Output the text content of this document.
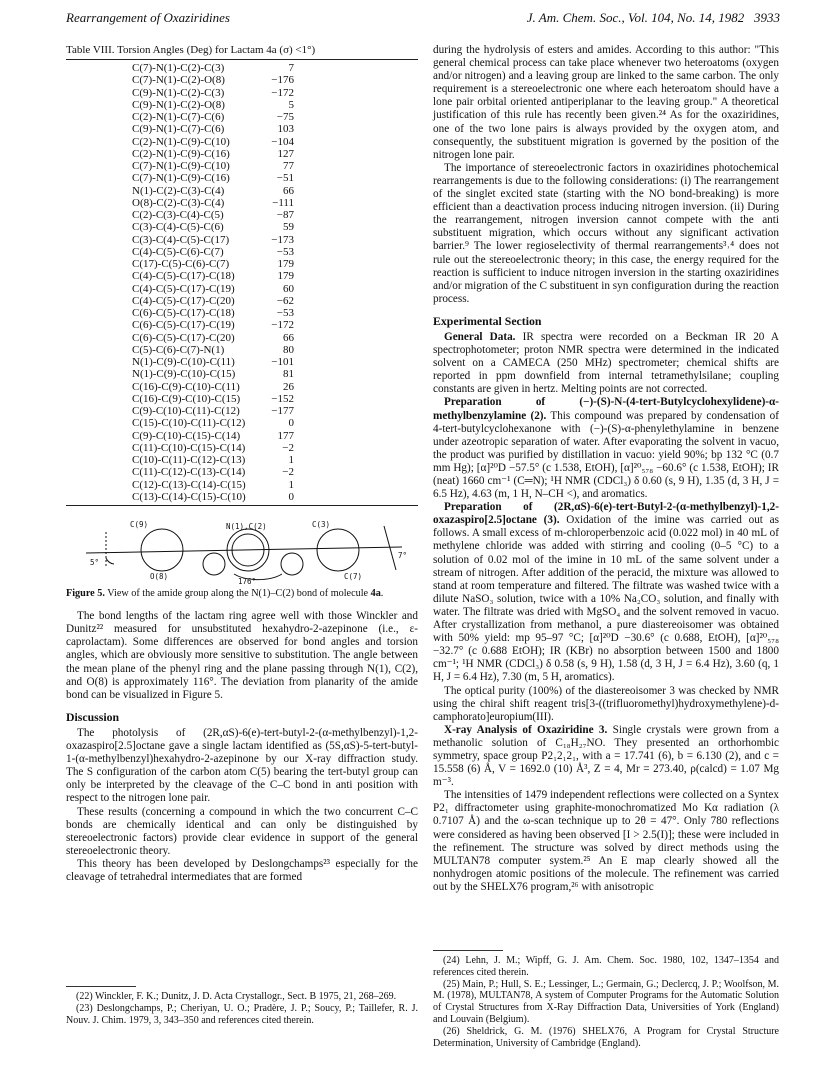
Rearrangement of Oxaziridines	J. Am. Chem. Soc., Vol. 104, No. 14, 1982 3933
Table VIII. Torsion Angles (Deg) for Lactam 4a (σ) <1°)
C(7)-N(1)-C(2)-C(3)	7
C(7)-N(1)-C(2)-O(8)	−176
C(9)-N(1)-C(2)-C(3)	−172
C(9)-N(1)-C(2)-O(8)	5
C(2)-N(1)-C(7)-C(6)	−75
C(9)-N(1)-C(7)-C(6)	103
C(2)-N(1)-C(9)-C(10)	−104
C(2)-N(1)-C(9)-C(16)	127
C(7)-N(1)-C(9)-C(10)	77
C(7)-N(1)-C(9)-C(16)	−51
N(1)-C(2)-C(3)-C(4)	66
O(8)-C(2)-C(3)-C(4)	−111
C(2)-C(3)-C(4)-C(5)	−87
C(3)-C(4)-C(5)-C(6)	59
C(3)-C(4)-C(5)-C(17)	−173
C(4)-C(5)-C(6)-C(7)	−53
C(17)-C(5)-C(6)-C(7)	179
C(4)-C(5)-C(17)-C(18)	179
C(4)-C(5)-C(17)-C(19)	60
C(4)-C(5)-C(17)-C(20)	−62
C(6)-C(5)-C(17)-C(18)	−53
C(6)-C(5)-C(17)-C(19)	−172
C(6)-C(5)-C(17)-C(20)	66
C(5)-C(6)-C(7)-N(1)	80
N(1)-C(9)-C(10)-C(11)	−101
N(1)-C(9)-C(10)-C(15)	81
C(16)-C(9)-C(10)-C(11)	26
C(16)-C(9)-C(10)-C(15)	−152
C(9)-C(10)-C(11)-C(12)	−177
C(15)-C(10)-C(11)-C(12)	0
C(9)-C(10)-C(15)-C(14)	177
C(11)-C(10)-C(15)-C(14)	−2
C(10)-C(11)-C(12)-C(13)	1
C(11)-C(12)-C(13)-C(14)	−2
C(12)-C(13)-C(14)-C(15)	1
C(13)-C(14)-C(15)-C(10)	0
C(9)	N(1),C(2)	C(3)
5°
7°
O(8)
176°
C(7)
Figure 5. View of the amide group along the N(1)–C(2) bond of molecule 4a.

The bond lengths of the lactam ring agree well with those Winckler and Dunitz²² measured for unsubstituted hexahydro-2-azepinone (i.e., ε-caprolactam). Some differences are observed for bond angles and torsion angles, which are obviously more sensitive to substitution. The angle between the mean plane of the phenyl ring and the plane passing through N(1), C(2), and O(8) is approximately 116°. The deviation from planarity of the amide bond can be visualized in Figure 5.

Discussion

The photolysis of (2R,αS)-6(e)-tert-butyl-2-(α-methylbenzyl)-1,2-oxazaspiro[2.5]octane gave a single lactam identified as (5S,αS)-5-tert-butyl-1-(α-methylbenzyl)hexahydro-2-azepinone by our X-ray diffraction study. The S configuration of the carbon atom C(5) bearing the tert-butyl group can only be interpreted by the cleavage of the C–C bond in anti position with respect to the nitrogen lone pair.

These results (concerning a compound in which the two concurrent C–C bonds are chemically identical and can only be distinguished by stereoelectronic factors) provide clear evidence in support of the general stereoelectronic theory.

This theory has been developed by Deslongchamps²³ especially for the cleavage of tetrahedral intermediates that are formed

during the hydrolysis of esters and amides. According to this author: "This general chemical process can take place whenever two heteroatoms (oxygen and/or nitrogen) and a leaving group are linked to the same carbon. The only requirement is a stereoelectronic one where each heteroatom should have a lone pair orbital oriented antiperiplanar to the leaving group." A theoretical justification of this rule has recently been given.²⁴ As for the oxaziridines, one of the two lone pairs is always provided by the oxygen atom, and consequently, the substituent migration is governed by the position of the nitrogen lone pair.

The importance of stereoelectronic factors in oxaziridines photochemical rearrangements is due to the following considerations: (i) The rearrangement of the singlet excited state (starting with the NO bond-breaking) is more efficient than a deactivation process inducing nitrogen inversion. (ii) During the rearrangement, nitrogen inversion cannot compete with the anti substituent migration, which occurs without any significant activation barrier.⁹ The lower regioselectivity of thermal rearrangements³˒⁴ does not rule out the stereoelectronic theory; in this case, the energy required for the reaction is sufficient to induce nitrogen inversion in the starting oxaziridines and/or migration of the C substituent in syn configuration during the reaction process.

Experimental Section

General Data. IR spectra were recorded on a Beckman IR 20 A spectrophotometer; proton NMR spectra were determined in the indicated solvent on a CAMECA (250 MHz) spectrometer; chemical shifts are reported in ppm downfield from internal tetramethylsilane; coupling constants are given in hertz. Melting points are not corrected.

Preparation of (−)-(S)-N-(4-tert-Butylcyclohexylidene)-α-methylbenzylamine (2). This compound was prepared by condensation of 4-tert-butylcyclohexanone with (−)-(S)-α-phenylethylamine in benzene under azeotropic separation of water. After evaporating the solvent in vacuo, the product was purified by distillation in vacuo: yield 90%; bp 132 °C (0.7 mm Hg); [α]²⁰D −57.5° (c 1.538, EtOH), [α]²⁰₅₇₈ −60.6° (c 1.538, EtOH); IR (neat) 1660 cm⁻¹ (C═N); ¹H NMR (CDCl₃) δ 0.60 (s, 9 H), 1.35 (d, 3 H, J = 6.5 Hz), 4.63 (m, 1 H, N–CH <), and aromatics.

Preparation of (2R,αS)-6(e)-tert-Butyl-2-(α-methylbenzyl)-1,2-oxazaspiro[2.5]octane (3). Oxidation of the imine was carried out as follows. A small excess of m-chloroperbenzoic acid (0.022 mol) in 40 mL of methylene chloride was added with stirring and cooling (0–5 °C) to a solution of 0.02 mol of the imine in 10 mL of the same solvent under a stream of nitrogen. After addition of the peracid, the mixture was allowed to stand at room temperature and filtered. The filtrate was washed twice with a dilute NaSO₃ solution, twice with a 10% Na₂CO₃ solution, and finally with water. The filtrate was dried with MgSO₄ and the solvent removed in vacuo. After crystallization from methanol, a pure diastereoisomer was obtained with 50% yield: mp 95–97 °C; [α]²⁰D −30.6° (c 0.688, EtOH), [α]²⁰₅₇₈ −32.7° (c 0.688 EtOH); IR (KBr) no absorption between 1500 and 1800 cm⁻¹; ¹H NMR (CDCl₃) δ 0.58 (s, 9 H), 1.58 (d, 3 H, J = 6.4 Hz), 3.60 (q, 1 H, J = 6.4 Hz), 7.30 (m, 5 H, aromatics).

The optical purity (100%) of the diastereoisomer 3 was checked by NMR using the chiral shift reagent tris[3-((trifluoromethyl)hydroxymethylene)-d-camphorato]europium(III).

X-ray Analysis of Oxaziridine 3. Single crystals were grown from a methanolic solution of C₁₈H₂₇NO. They presented an orthorhombic symmetry, space group P2₁2₁2₁, with a = 17.741 (6), b = 6.130 (2), and c = 15.558 (6) Å, V = 1692.0 (10) Å³, Z = 4, Mr = 273.40, ρ(calcd) = 1.07 Mg m⁻³.

The intensities of 1479 independent reflections were collected on a Syntex P2₁ diffractometer using graphite-monochromatized Mo Kα radiation (λ 0.7107 Å) and the ω-scan technique up to 2θ = 47°. Only 780 reflections were considered as having been observed [I > 2.5(I)]; these were included in the refinement. The structure was solved by direct methods using the MULTAN78 computer system.²⁵ An E map clearly showed all the nonhydrogen atomic positions of the molecule. The refinement was carried out by the SHELX76 program,²⁶ with anisotropic

(22) Winckler, F. K.; Dunitz, J. D. Acta Crystallogr., Sect. B 1975, 21, 268–269.

(23) Deslongchamps, P.; Cheriyan, U. O.; Pradère, J. P.; Soucy, P.; Taillefer, R. J. Nouv. J. Chim. 1979, 3, 343–350 and references cited therein.

(24) Lehn, J. M.; Wipff, G. J. Am. Chem. Soc. 1980, 102, 1347–1354 and references cited therein.

(25) Main, P.; Hull, S. E.; Lessinger, L.; Germain, G.; Declercq, J. P.; Woolfson, M. M. (1978), MULTAN78, A system of Computer Programs for the Automatic Solution of Crystal Structures from X-Ray Diffraction Data, Universities of York (England) and Louvain (Belgium).

(26) Sheldrick, G. M. (1976) SHELX76, A Program for Crystal Structure Determination, University of Cambridge (England).
